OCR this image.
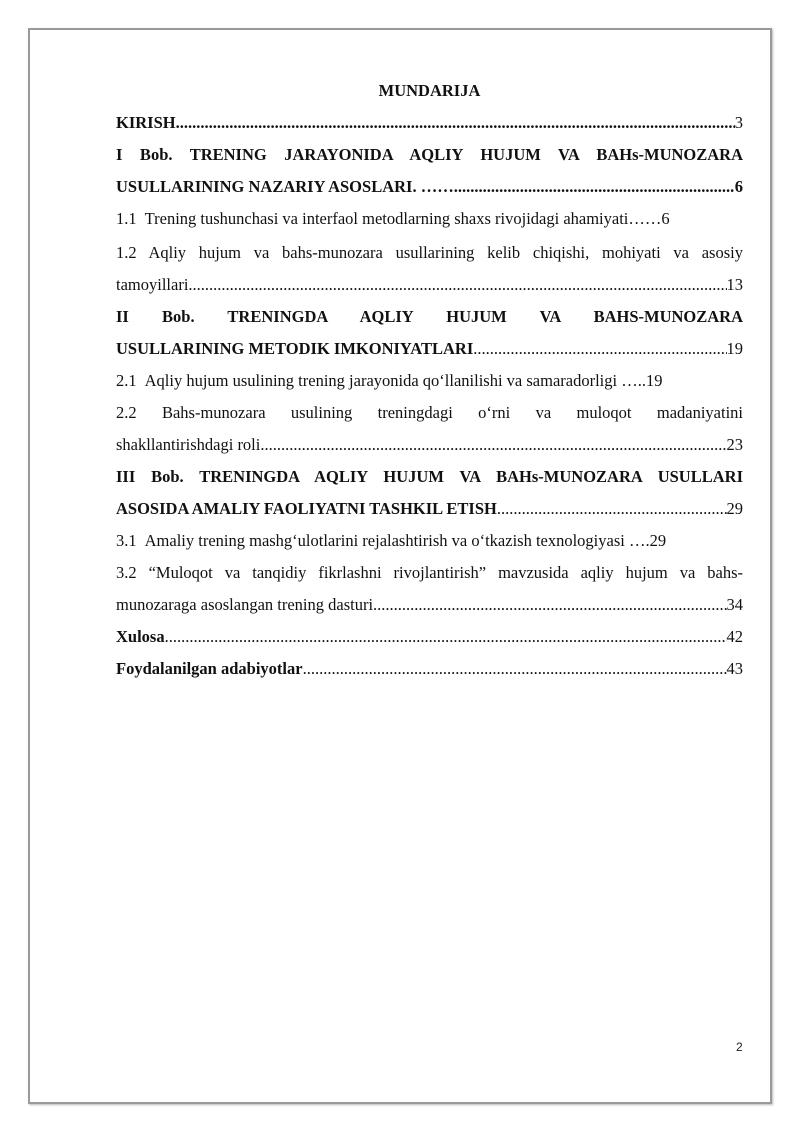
MUNDARIJA
KIRISH .....	3
I Bob. TRENING JARAYONIDA AQLIY HUJUM VA BAHs-MUNOZARA
USULLARINING NAZARIY ASOSLARI. …… .....	6
1.1 Trening tushunchasi va interfaol metodlarning shaxs rivojidagi ahamiyati……6
1.2 Aqliy hujum va bahs-munozara usullarining kelib chiqishi, mohiyati va asosiy
tamoyillari .....	13
II Bob. TRENINGDA AQLIY HUJUM VA BAHS-MUNOZARA
USULLARINING METODIK IMKONIYATLARI .....	19
2.1 Aqliy hujum usulining trening jarayonida qo‘llanilishi va samaradorligi …..19
2.2 Bahs-munozara usulining treningdagi o‘rni va muloqot madaniyatini
shakllantirishdagi roli .....	23
III Bob. TRENINGDA AQLIY HUJUM VA BAHs-MUNOZARA USULLARI
ASOSIDA AMALIY FAOLIYATNI TASHKIL ETISH .....	29
3.1 Amaliy trening mashg‘ulotlarini rejalashtirish va o‘tkazish texnologiyasi ….29
3.2 “Muloqot va tanqidiy fikrlashni rivojlantirish” mavzusida aqliy hujum va bahs-
munozaraga asoslangan trening dasturi .....	34
Xulosa .....	42
Foydalanilgan adabiyotlar .....	43
2
